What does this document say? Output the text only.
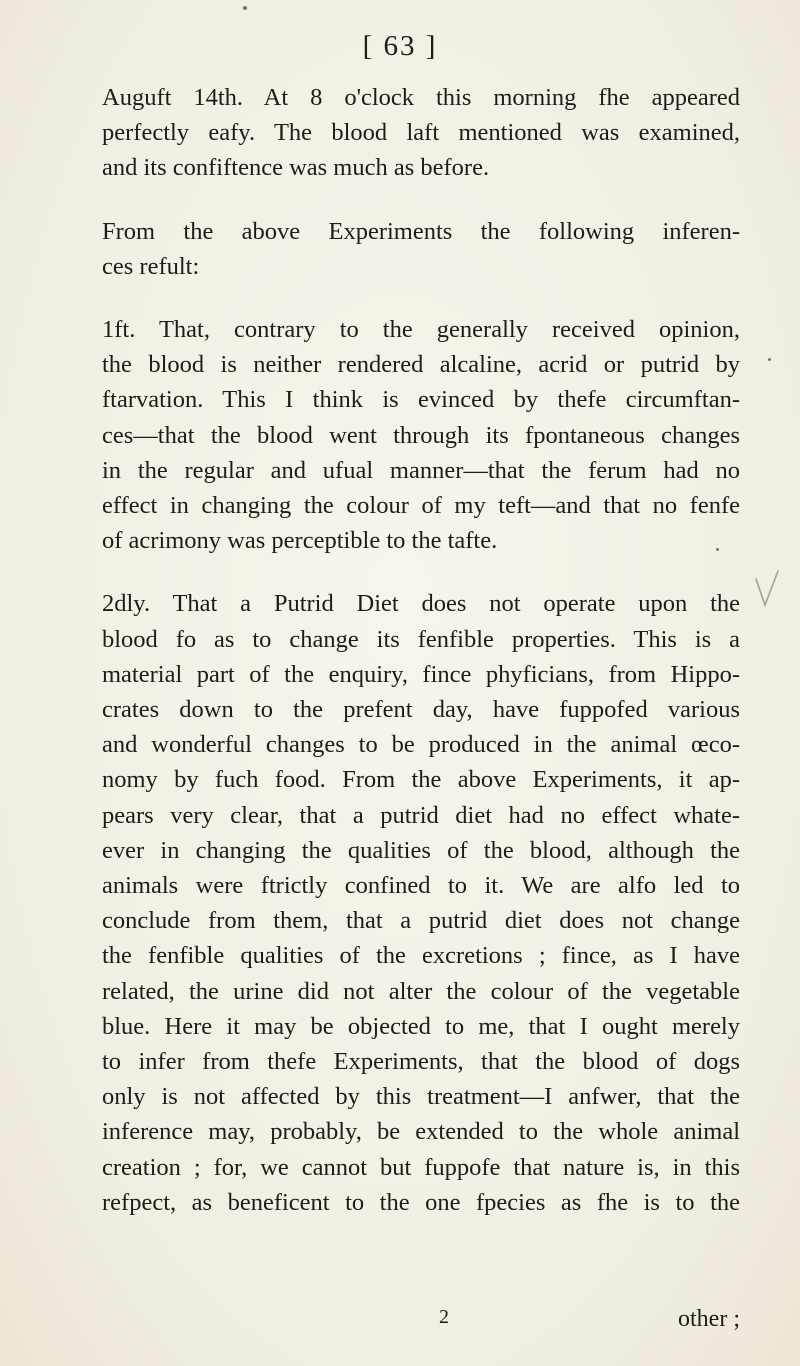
[ 63 ]

Auguft 14th. At 8 o'clock this morning fhe appeared
perfectly eafy. The blood laft mentioned was examined,
and its confiftence was much as before.

From the above Experiments the following inferen-
ces refult:

1ft. That, contrary to the generally received opinion,
the blood is neither rendered alcaline, acrid or putrid by
ftarvation. This I think is evinced by thefe circumftan-
ces—that the blood went through its fpontaneous changes
in the regular and ufual manner—that the ferum had no
effect in changing the colour of my teft—and that no fenfe
of acrimony was perceptible to the tafte.

2dly. That a Putrid Diet does not operate upon the
blood fo as to change its fenfible properties. This is a
material part of the enquiry, fince phyficians, from Hippo-
crates down to the prefent day, have fuppofed various
and wonderful changes to be produced in the animal œco-
nomy by fuch food. From the above Experiments, it ap-
pears very clear, that a putrid diet had no effect whate-
ever in changing the qualities of the blood, although the
animals were ftrictly confined to it. We are alfo led to
conclude from them, that a putrid diet does not change
the fenfible qualities of the excretions ; fince, as I have
related, the urine did not alter the colour of the vegetable
blue. Here it may be objected to me, that I ought merely
to infer from thefe Experiments, that the blood of dogs
only is not affected by this treatment—I anfwer, that the
inference may, probably, be extended to the whole animal
creation ; for, we cannot but fuppofe that nature is, in this
refpect, as beneficent to the one fpecies as fhe is to the

2	other ;
